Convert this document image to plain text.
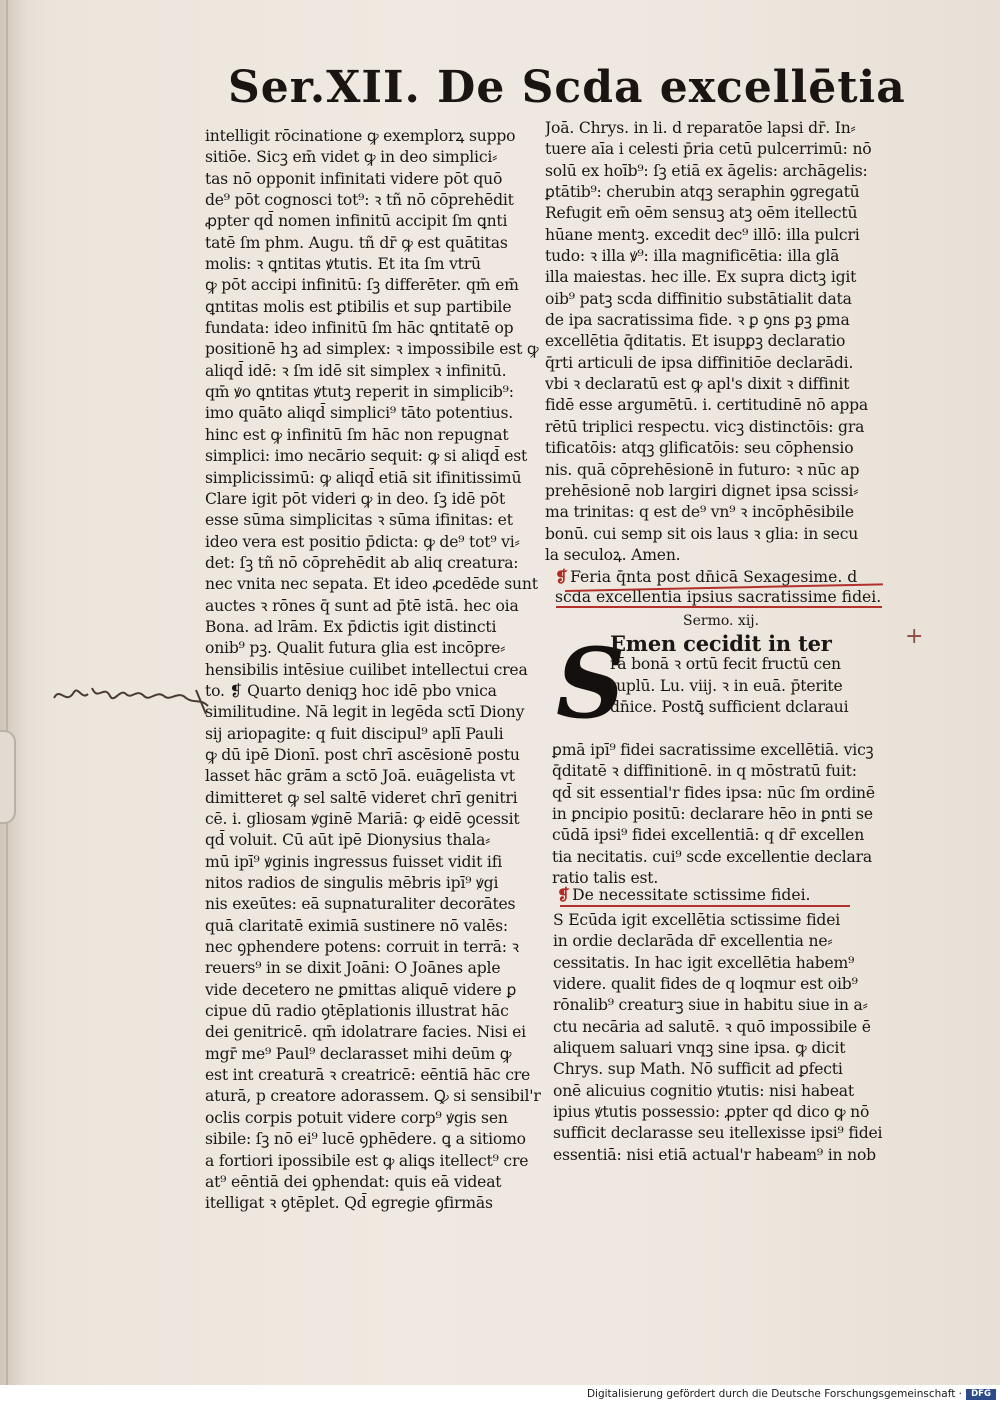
Ser.XII. De Scda excellētia
intelligit rōcinatione ꝙ exemplorꝝ suppo
sitiōe. Sicꝫ em̄ videt ꝙ in deo simplici⸗
tas nō opponit infinitati videre pōt quō
de⁹ pōt cognosci tot⁹: ꝛ tñ nō cōprehēdit
ꝓpter qd̄ nomen infinitū accipit ſm ꝗnti
tatē ſm phm. Augu. tñ dr̄ ꝙ est quātitas
molis: ꝛ ꝗntitas ꝟtutis. Et ita ſm vtrū
ꝙ pōt accipi infinitū: ſꝫ differēter. qm̄ em̄
ꝗntitas molis est ꝑtibilis et sup partibile
fundata: ideo infinitū ſm hāc ꝗntitatē op
positionē hꝫ ad simplex: ꝛ impossibile est ꝙ
aliqd̄ idē: ꝛ ſm idē sit simplex ꝛ infinitū.
qm̄ ꝟo ꝗntitas ꝟtutꝫ reperit in simplicib⁹:
imo quāto aliqd̄ simplici⁹ tāto potentius.
hinc est ꝙ infinitū ſm hāc non repugnat
simplici: imo necārio sequit: ꝙ si aliqd̄ est
simplicissimū: ꝙ aliqd̄ etiā sit ifinitissimū
Clare igit pōt videri ꝙ in deo. ſꝫ idē pōt
esse sūma simplicitas ꝛ sūma ifinitas: et
ideo vera est positio p̄dicta: ꝙ de⁹ tot⁹ vi⸗
det: ſꝫ tñ nō cōprehēdit ab aliq creatura:
nec vnita nec sepata. Et ideo ꝓcedēde sunt
auctes ꝛ rōnes q̄ sunt ad p̄tē istā. hec oia
Bona. ad lrām. Ex p̄dictis igit distincti
onib⁹ pꝫ. Qualit futura glia est incōpre⸗
hensibilis intēsiue cuilibet intellectui crea
to. ❡ Quarto deniqꝫ hoc idē pbo vnica
similitudine. Nā legit in legēda sctī Diony
sij ariopagite: q fuit discipul⁹ aplī Pauli
ꝙ dū ipē Dionī. post chrī ascēsionē postu
lasset hāc grām a sctō Joā. euāgelista vt
dimitteret ꝙ sel saltē videret chrī genitri
cē. i. gliosam ꝟginē Mariā: ꝙ eidē ꝯcessit
qd̄ voluit. Cū aūt ipē Dionysius thala⸗
mū ipī⁹ ꝟginis ingressus fuisset vidit ifi
nitos radios de singulis mēbris ipī⁹ ꝟgi
nis exeūtes: eā supnaturaliter decorātes
quā claritatē eximiā sustinere nō valēs:
nec ꝯphendere potens: corruit in terrā: ꝛ
reuers⁹ in se dixit Joāni: O Joānes aple
vide decetero ne ꝑmittas aliquē videre ꝑ
cipue dū radio ꝯtēplationis illustrat hāc
dei genitricē. qm̄ idolatrare facies. Nisi ei
mgr̄ me⁹ Paul⁹ declarasset mihi deūm ꝙ
est int creaturā ꝛ creatricē: eēntiā hāc cre
aturā, p creatore adorassem. Ꝙ si sensibil'r
oclis corpis potuit videre corp⁹ ꝟgis sen
sibile: ſꝫ nō ei⁹ lucē ꝯphēdere. ꝗ a sitiomo
a fortiori ipossibile est ꝙ aliꝗs itellect⁹ cre
at⁹ eēntiā dei ꝯphendat: quis eā videat
itelligat ꝛ ꝯtēplet. Qd̄ egregie ꝯfirmās
Joā. Chrys. in li. d reparatōe lapsi dr̄. In⸗
tuere aīa i celesti p̄ria cetū pulcerrimū: nō
solū ex hoīb⁹: ſꝫ etiā ex āgelis: archāgelis:
ꝑtātib⁹: cherubin atqꝫ seraphin ꝯgregatū
Refugit em̄ oēm sensuꝫ atꝫ oēm itellectū
hūane mentꝫ. excedit dec⁹ illō: illa pulcri
tudo: ꝛ illa ꝟ⁹: illa magnificētia: illa glā
illa maiestas. hec ille. Ex supra dictꝫ igit
oib⁹ patꝫ scda diffinitio substātialit data
de ipa sacratissima fide. ꝛ ꝑ ꝯns ꝑꝫ ꝑma
excellētia q̄ditatis. Et isupꝑꝫ declaratio
q̄rti articuli de ipsa diffinitiōe declarādi.
vbi ꝛ declaratū est ꝙ apl's dixit ꝛ diffinit
fidē esse argumētū. i. certitudinē nō appa
rētū triplici respectu. vicꝫ distinctōis: gra
tificatōis: atqꝫ glificatōis: seu cōphensio
nis. quā cōprehēsionē in futuro: ꝛ nūc ap
prehēsionē nob largiri dignet ipsa scissi⸗
ma trinitas: q est de⁹ vn⁹ ꝛ incōphēsibile
bonū. cui semp sit ois laus ꝛ glia: in secu
la seculoꝝ. Amen.
❡ Feria q̄nta post dn̄icā Sexagesime. d
scda excellentia ipsius sacratissime fidei.
Sermo. xij.
S
Emen cecidit in ter
rā bonā ꝛ ortū fecit fructū cen
tuplū. Lu. viij. ꝛ in euā. p̄terite
dn̄ice. Postꝗ̄ sufficient dclaraui
ꝑmā ipī⁹ fidei sacratissime excellētiā. vicꝫ
q̄ditatē ꝛ diffinitionē. in q mōstratū fuit:
qd̄ sit essential'r fides ipsa: nūc ſm ordinē
in ꝑncipio positū: declarare hēo in ꝑnti se
cūdā ipsi⁹ fidei excellentiā: q dr̄ excellen
tia necitatis. cui⁹ scde excellentie declara
ratio talis est.
❡ De necessitate sctissime fidei.
S Ecūda igit excellētia sctissime fidei
in ordie declarāda dr̄ excellentia ne⸗
cessitatis. In hac igit excellētia habem⁹
videre. qualit fides de q loqmur est oib⁹
rōnalib⁹ creaturꝫ siue in habitu siue in a⸗
ctu necāria ad salutē. ꝛ quō impossibile ē
aliquem saluari vnqꝫ sine ipsa. ꝙ dicit
Chrys. sup Math. Nō sufficit ad ꝑfecti
onē alicuius cognitio ꝟtutis: nisi habeat
ipius ꝟtutis possessio: ꝓpter qd dico ꝙ nō
sufficit declarasse seu itellexisse ipsi⁹ fidei
essentiā: nisi etiā actual'r habeam⁹ in nob
+
Digitalisierung gefördert durch die Deutsche Forschungsgemeinschaft ·	DFG
